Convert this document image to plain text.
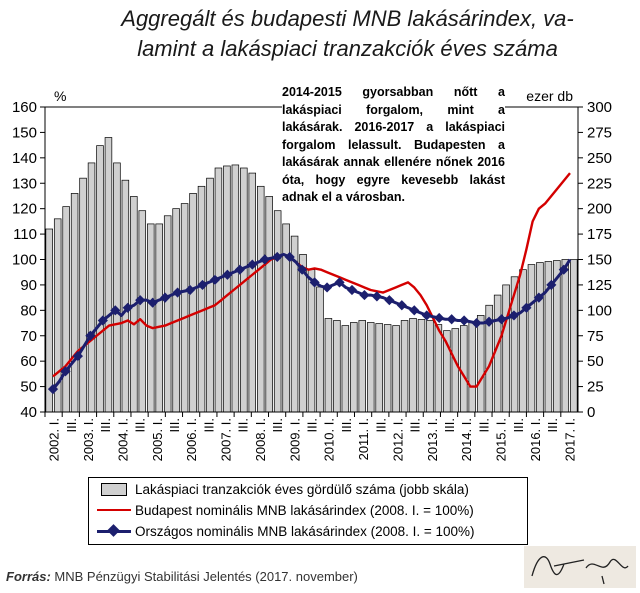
Aggregált és budapesti MNB lakásárindex, va-
lamint a lakáspiaci tranzakciók éves száma
40
50
60
70
80
90
100
110
120
130
140
150
160
0
25
50
75
100
125
150
175
200
225
250
275
300
%	ezer db
2002. I. III. 2003. I. III. 2004. I. III. 2005. I. III. 2006. I. III. 2007. I. III. 2008. I. III. 2009. I. III. 2010. I. III. 2011. I. III. 2012. I. III. 2013. I. III. 2014. I. III. 2015. I. III. 2016. I. III. 2017. I.
2014-2015 gyorsabban nőtt a lakáspiaci forgalom, mint a lakásárak. 2016-2017 a lakáspiaci forgalom lelassult. Budapesten a lakásárak annak ellenére nőnek 2016 óta, hogy egyre kevesebb lakást adnak el a városban.
Lakáspiaci tranzakciók éves gördülő száma (jobb skála)
Budapest nominális MNB lakásárindex (2008. I. = 100%)
Országos nominális MNB lakásárindex (2008. I. = 100%)
Forrás: MNB Pénzügyi Stabilitási Jelentés (2017. november)
